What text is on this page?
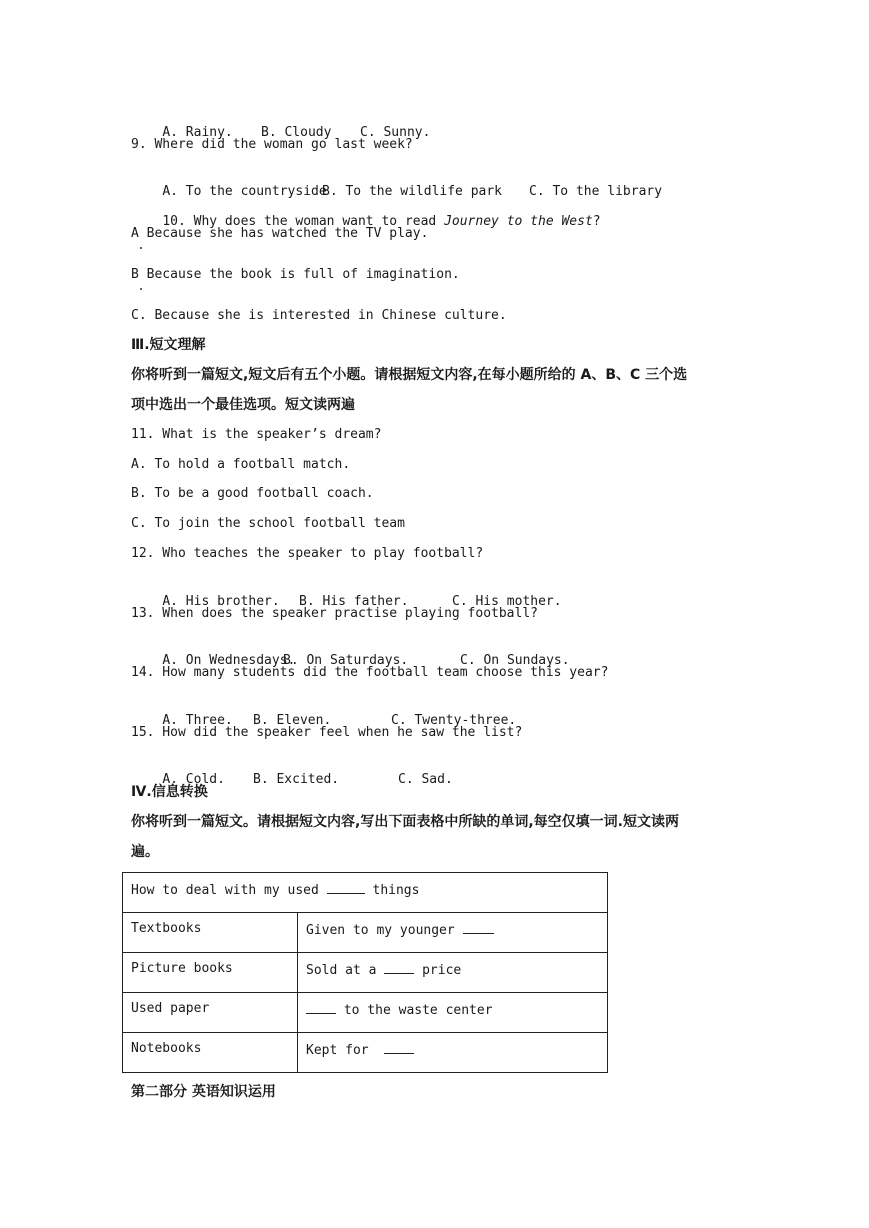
A. Rainy. B. Cloudy C. Sunny.

9. Where did the woman go last week?

A. To the countryside
B. To the wildlife park C. To the library

10. Why does the woman want to read Journey to the West?

A Because she has watched the TV play.
B Because the book is full of imagination.
C. Because she is interested in Chinese culture.
Ⅲ.短文理解
你将听到一篇短文,短文后有五个小题。请根据短文内容,在每小题所给的 A、B、C 三个选
项中选出一个最佳选项。短文读两遍
11. What is the speaker’s dream?
A. To hold a football match.
B. To be a good football coach.
C. To join the school football team
12. Who teaches the speaker to play football?

A. His brother. B. His father.	C. His mother.

13. When does the speaker practise playing football?

A. On Wednesdays.
B. On Saturdays.	C. On Sundays.

14. How many students did the football team choose this year?

A. Three. B. Eleven.	C. Twenty-three.

15. How did the speaker feel when he saw the list?

A. Cold. B. Excited.	C. Sad.

Ⅳ.信息转换
你将听到一篇短文。请根据短文内容,写出下面表格中所缺的单词,每空仅填一词.短文读两
遍。
How to deal with my used things	
Textbooks	Given to my younger
Picture books	Sold at a  price
Used paper	to the waste center
Notebooks	Kept for
第二部分 英语知识运用
